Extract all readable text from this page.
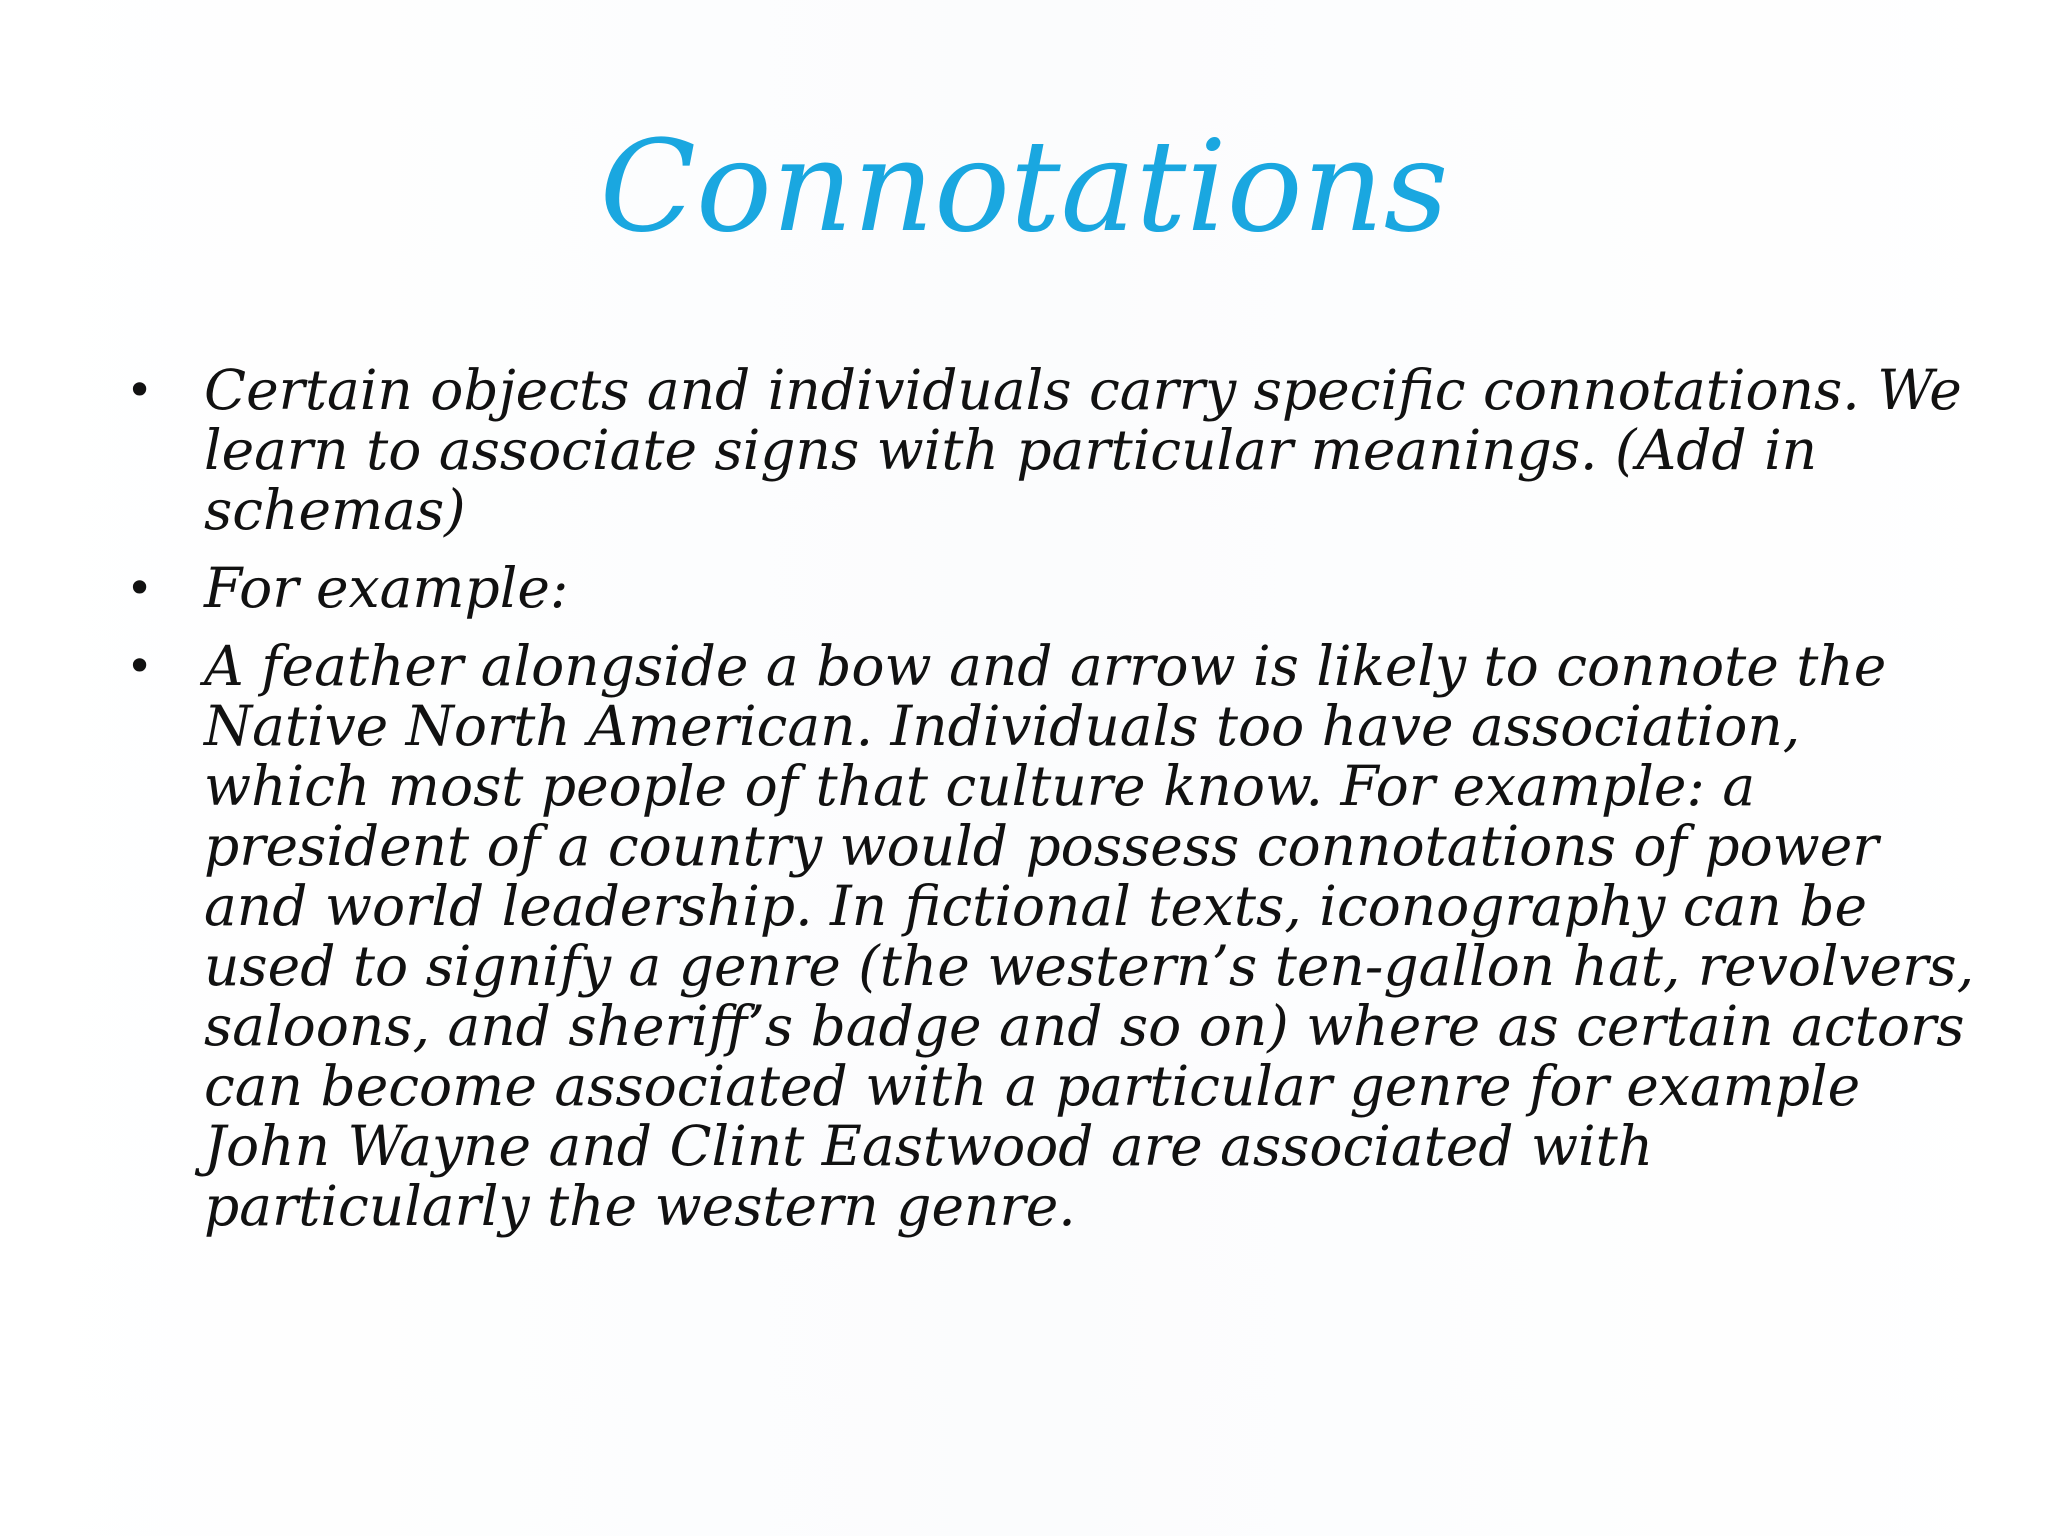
Connotations
• Certain objects and individuals carry specific connotations. We learn to associate signs with particular meanings. (Add in schemas)
• For example:
• A feather alongside a bow and arrow is likely to connote the Native North American. Individuals too have association, which most people of that culture know. For example: a president of a country would possess connotations of power and world leadership. In fictional texts, iconography can be used to signify a genre (the western’s ten-gallon hat, revolvers, saloons, and sheriff’s badge and so on) where as certain actors can become associated with a particular genre for example John Wayne and Clint Eastwood are associated with particularly the western genre.
